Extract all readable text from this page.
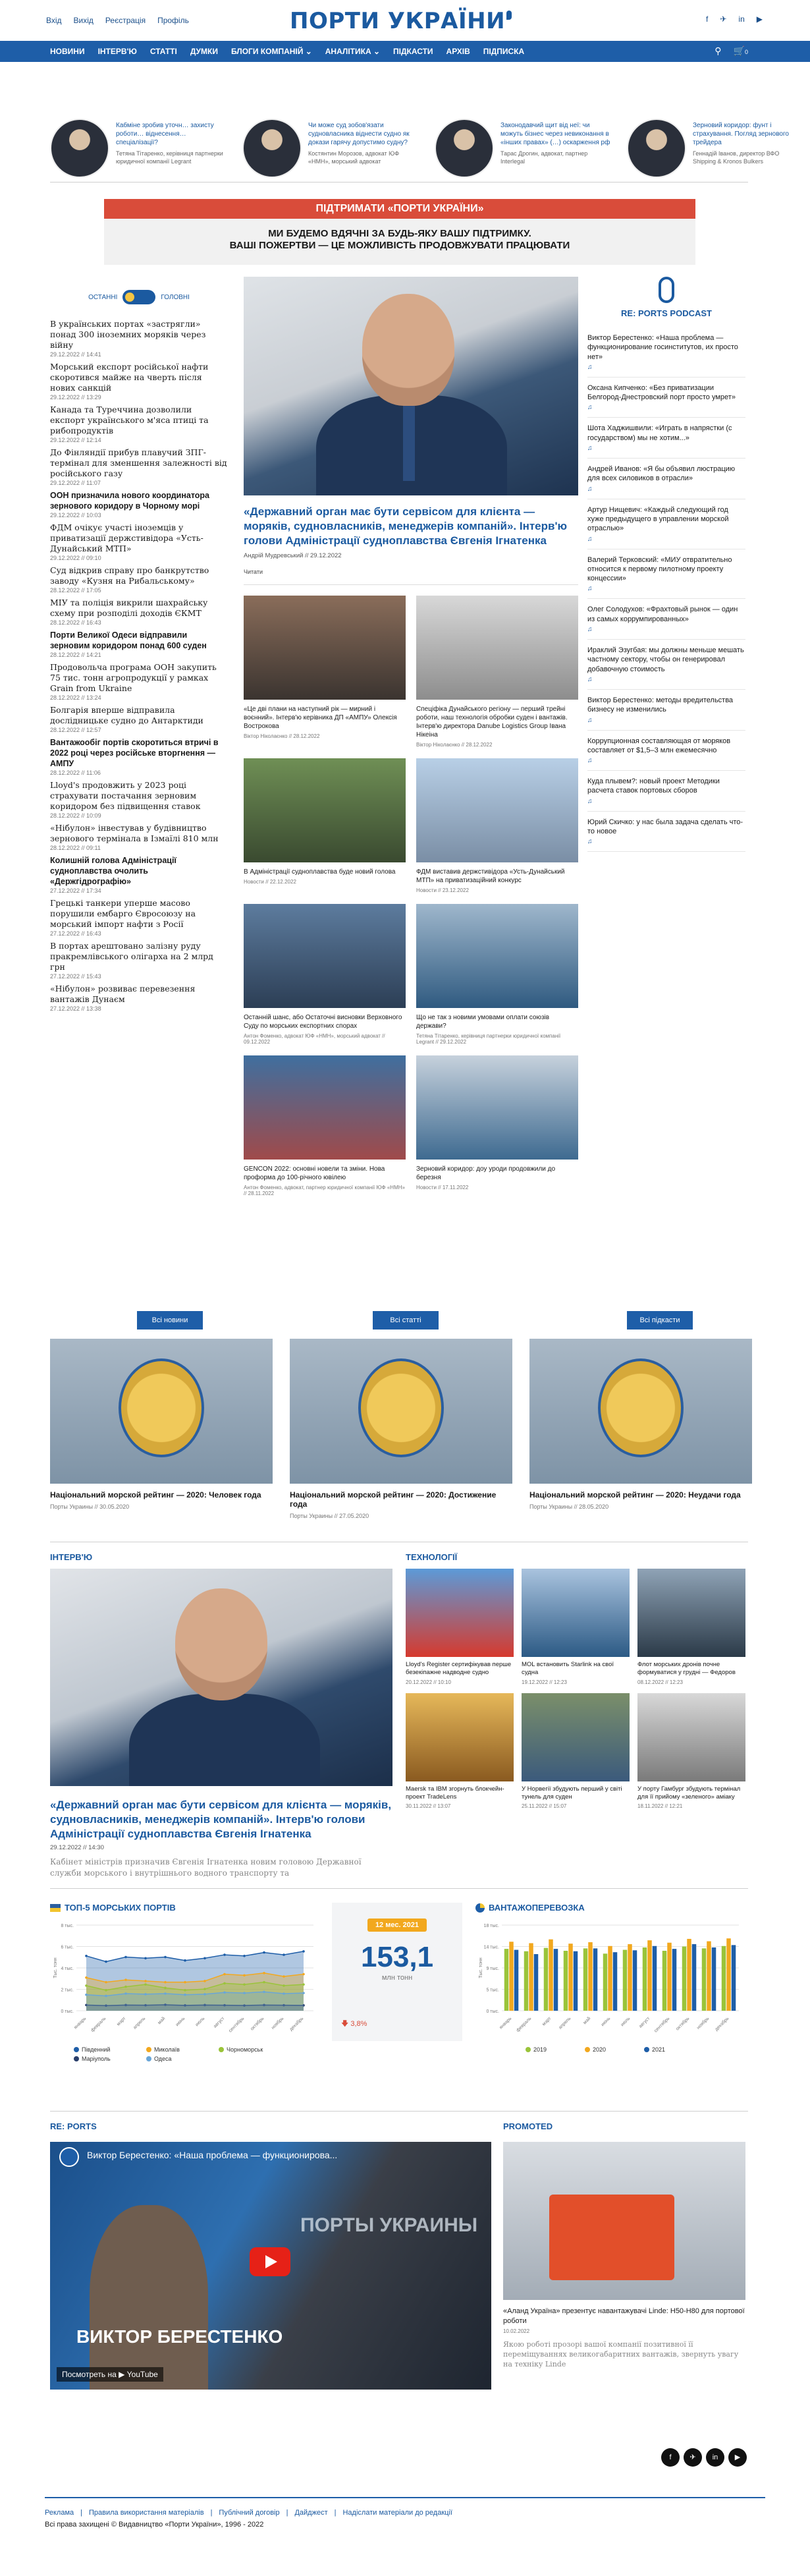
Вхід Вихід Реєстрація Профіль	ПОРТИ УКРАЇНИ	f ✈ in ▶
НОВИНИ ІНТЕРВ'Ю СТАТТІ ДУМКИ БЛОГИ КОМПАНІЙ ⌄ АНАЛІТИКА ⌄ ПІДКАСТИ АРХІВ ПІДПИСКА	⚲ 🛒0
Кабміне зробив уточн… захисту роботи… віднесення… спеціалізації?
Тетяна Тітаренко, керівниця партнерки юридичної компанії Legrant
Чи може суд зобов'язати судновласника віднести судно як докази гарячу допустимо судну?
Костянтин Морозов, адвокат ЮФ «НМН», морський адвокат
Законодавчий щит від неї: чи можуть бізнес через невиконання в «інших правах» (…) оскарження рф
Тарас Дрогин, адвокат, партнер Interlegal
Зерновий коридор: фунт і страхування. Погляд зернового трейдера
Геннадій Іванов, директор ВФО Shipping & Kronos Bulkers
ПІДТРИМАТИ «ПОРТИ УКРАЇНИ»
МИ БУДЕМО ВДЯЧНІ ЗА БУДЬ-ЯКУ ВАШУ ПІДТРИМКУ.
ВАШІ ПОЖЕРТВИ — ЦЕ МОЖЛИВІСТЬ ПРОДОВЖУВАТИ ПРАЦЮВАТИ
ОСТАННІ	ГОЛОВНІ
В українських портах «застрягли» понад 300 іноземних моряків через війну
29.12.2022 // 14:41
Морський експорт російської нафти скоротився майже на чверть після нових санкцій
29.12.2022 // 13:29
Канада та Туреччина дозволили експорт українського м'яса птиці та рибопродуктів
29.12.2022 // 12:14
До Фінляндії прибув плавучий ЗПГ-термінал для зменшення залежності від російського газу
29.12.2022 // 11:07
ООН призначила нового координатора зернового коридору в Чорному морі
29.12.2022 // 10:03
ФДМ очікує участі іноземців у приватизації держстивідора «Усть-Дунайський МТП»
29.12.2022 // 09:10
Суд відкрив справу про банкрутство заводу «Кузня на Рибальському»
28.12.2022 // 17:05
МІУ та поліція викрили шахрайську схему при розподілі доходів ЄКМТ
28.12.2022 // 16:43
Порти Великої Одеси відправили зерновим коридором понад 600 суден
28.12.2022 // 14:21
Продовольча програма ООН закупить 75 тис. тонн агропродукції у рамках Grain from Ukraine
28.12.2022 // 13:24
Болгарія вперше відправила дослідницьке судно до Антарктиди
28.12.2022 // 12:57
Вантажообіг портів скоротиться втричі в 2022 році через російське вторгнення — АМПУ
28.12.2022 // 11:06
Lloyd's продовжить у 2023 році страхувати постачання зерновим коридором без підвищення ставок
28.12.2022 // 10:09
«Нібулон» інвестував у будівництво зернового термінала в Ізмаїлі 810 млн
28.12.2022 // 09:11
Колишній голова Адміністрації судноплавства очолить «Держгідрографію»
27.12.2022 // 17:34
Грецькі танкери уперше масово порушили ембарго Євросоюзу на морський імпорт нафти з Росії
27.12.2022 // 16:43
В портах арештовано залізну руду пракремлівського олігарха на 2 млрд грн
27.12.2022 // 15:43
«Нібулон» розвиває перевезення вантажів Дунаєм
27.12.2022 // 13:38
«Державний орган має бути сервісом для клієнта — моряків, судновласників, менеджерів компаній». Інтерв'ю голови Адміністрації судноплавства Євгенія Ігнатенка
Андрій Мудревський // 29.12.2022
Читати
«Це дві плани на наступний рік — мирний і воєнний». Інтерв'ю керівника ДП «АМПУ» Олексія Вострокова
Віктор Ніколаєнко // 28.12.2022
Спеціфіка Дунайського регіону — перший трейні роботи, наш технологія обробки суден і вантажів. Інтерв'ю директора Danube Logistics Group Івана Нікеіна
Віктор Ніколаєнко // 28.12.2022
В Адміністрації судноплавства буде новий голова
Новости // 22.12.2022
ФДМ виставив держстивідора «Усть-Дунайський МТП» на приватизаційний конкурс
Новости // 23.12.2022
Останній шанс, або Остаточні висновки Верховного Суду по морських експортних спорах
Антон Фоменко, адвокат ЮФ «НМН», морський адвокат // 09.12.2022
Що не так з новими умовами оплати союзів держави?
Тетяна Тітаренко, керівниця партнерки юридичної компанії Legrant // 29.12.2022
GENCON 2022: основні новели та зміни. Нова проформа до 100-річного ювілею
Антон Фоменко, адвокат, партнер юридичної компанії ЮФ «НМН» // 28.11.2022
Зерновий коридор: доу уроди продовжили до березня
Новости // 17.11.2022
RE: PORTS PODCAST
Виктор Берестенко: «Наша проблема — функционирование госинститутов, их просто нет»
♫
Оксана Кипченко: «Без приватизации Белгород-Днестровский порт просто умрет»
♫
Шота Хаджишвили: «Играть в напрястки (с государством) мы не хотим...»
♫
Андрей Иванов: «Я бы объявил люстрацию для всех силовиков в отрасли»
♫
Артур Нищевич: «Каждый следующий год хуже предыдущего в управлении морской отраслью»
♫
Валерий Терковский: «МИУ отвратительно относится к первому пилотному проекту концессии»
♫
Олег Солодухов: «Фрахтовый рынок — один из самых коррумпированных»
♫
Ираклий Эзугбая: мы должны меньше мешать частному сектору, чтобы он генерировал добавочную стоимость
♫
Виктор Берестенко: методы вредительства бизнесу не изменились
♫
Коррупционная составляющая от моряков составляет от $1,5–3 млн ежемесячно
♫
Куда плывем?: новый проект Методики расчета ставок портовых сборов
♫
Юрий Скичко: у нас была задача сделать что-то новое
♫
Всі новини	Всі статті	Всі підкасти
Національний морской рейтинг — 2020: Человек года
Порты Украины // 30.05.2020
Національний морской рейтинг — 2020: Достижение года
Порты Украины // 27.05.2020
Національний морской рейтинг — 2020: Неудачи года
Порты Украины // 28.05.2020
ІНТЕРВ'Ю
«Державний орган має бути сервісом для клієнта — моряків, судновласників, менеджерів компаній». Інтерв'ю голови Адміністрації судноплавства Євгенія Ігнатенка
29.12.2022 // 14:30
Кабінет міністрів призначив Євгенія Ігнатенка новим головою Державної служби морського і внутрішнього водного транспорту та
ТЕХНОЛОГІЇ
Lloyd's Register сертифікував перше безекіпажне надводне судно
20.12.2022 // 10:10
MOL встановить Starlink на свої судна
19.12.2022 // 12:23
Флот морських дронів почне формуватися у грудні — Федоров
08.12.2022 // 12:23
Maersk та IBM згорнуть блокчейн-проект TradeLens
30.11.2022 // 13:07
У Норвегії збудують перший у світі тунель для суден
25.11.2022 // 15:07
У порту Гамбург збудують термінал для її прийому «зеленого» аміаку
18.11.2022 // 12:21
ТОП-5 МОРСЬКИХ ПОРТІВ
0 тыс.
2 тыс.
4 тыс.
6 тыс.
8 тыс.
Тыс. тонн
январь февраль март апрель май июнь июль август сентябрь октябрь ноябрь декабрь
Південний	Миколаїв	Чорноморськ
Маріуполь	Одеса
12 мес. 2021
153,1
млн тонн
🡇 3,8%
ВАНТАЖОПЕРЕВОЗКА
0 тыс.
5 тыс.
9 тыс.
14 тыс.
18 тыс.
Тыс. тонн
январь февраль март апрель май июнь июль август сентябрь октябрь ноябрь декабрь
2019	2020	2021
RE: PORTS
Виктор Берестенко: «Наша проблема — функционирова...
ПОРТЫ УКРАИНЫ
ВИКТОР БЕРЕСТЕНКО
Посмотреть на ▶ YouTube
PROMOTED
«Аланд Україна» презентує навантажувачі Linde: H50-H80 для портової роботи
10.02.2022
Якою роботі прозорі вашої компанії позитивної її переміщуваннях великогабаритних вантажів, звернуть увагу на техніку Linde
f	✈	in	▶
Реклама | Правила використання матеріалів | Публічний договір | Дайджест | Надіслати матеріали до редакції
Всі права захищені © Видавництво «Порти України», 1996 - 2022
